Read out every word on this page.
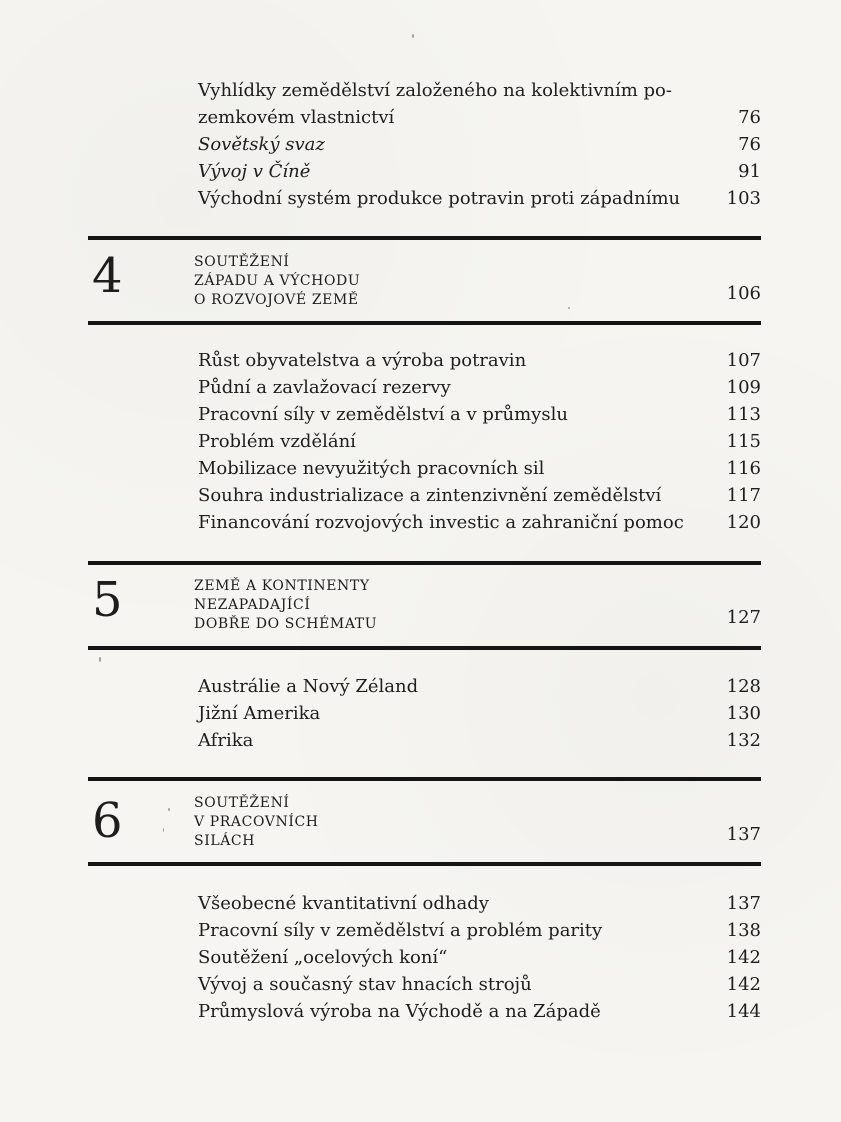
Vyhlídky zemědělství založeného na kolektivním po-
zemkovém vlastnictví	76
Sovětský svaz	76
Vývoj v Číně	91
Východní systém produkce potravin proti západnímu	103
4	SOUTĚŽENÍ
ZÁPADU A VÝCHODU
O ROZVOJOVÉ ZEMĚ	106
Růst obyvatelstva a výroba potravin	107
Půdní a zavlažovací rezervy	109
Pracovní síly v zemědělství a v průmyslu	113
Problém vzdělání	115
Mobilizace nevyužitých pracovních sil	116
Souhra industrializace a zintenzivnění zemědělství	117
Financování rozvojových investic a zahraniční pomoc 120
5	ZEMĚ A KONTINENTY
NEZAPADAJÍCÍ
DOBŘE DO SCHÉMATU	127
Austrálie a Nový Zéland	128
Jižní Amerika	130
Afrika	132
6	SOUTĚŽENÍ
V PRACOVNÍCH
SILÁCH	137
Všeobecné kvantitativní odhady	137
Pracovní síly v zemědělství a problém parity	138
Soutěžení „ocelových koní“	142
Vývoj a současný stav hnacích strojů	142
Průmyslová výroba na Východě a na Západě	144
